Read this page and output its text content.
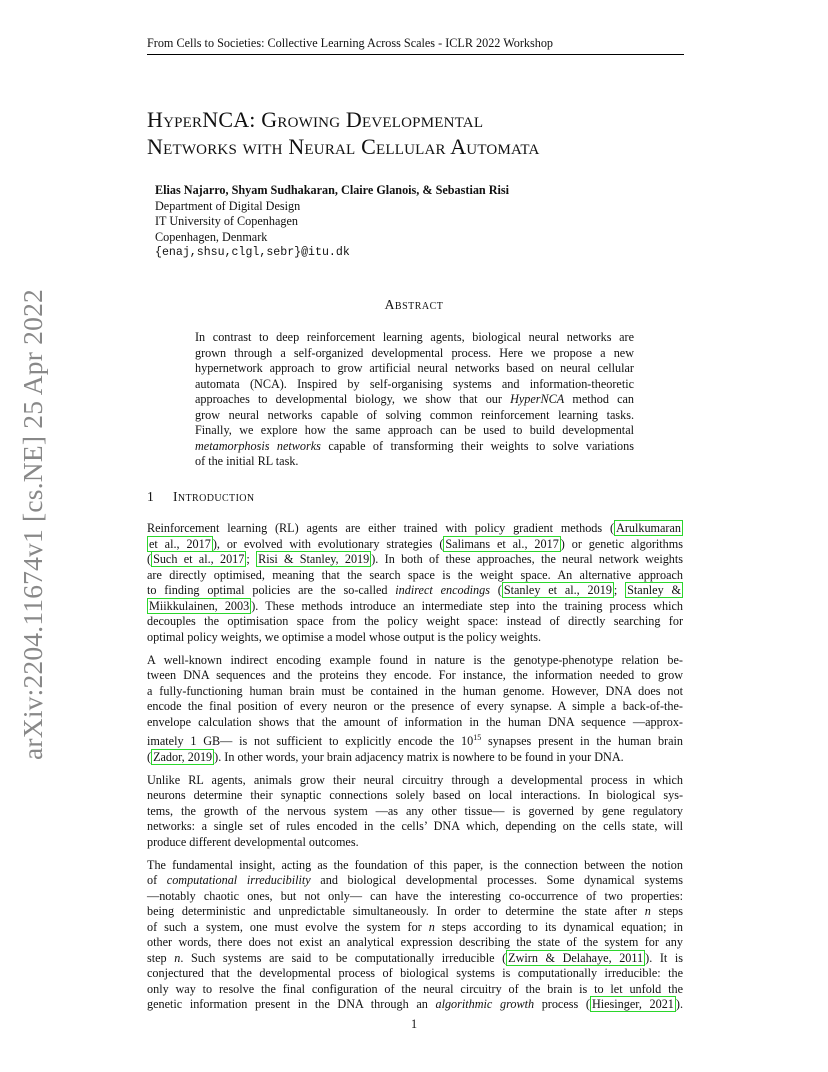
From Cells to Societies: Collective Learning Across Scales - ICLR 2022 Workshop
HyperNCA: Growing Developmental
Networks with Neural Cellular Automata
Elias Najarro, Shyam Sudhakaran, Claire Glanois, & Sebastian Risi
Department of Digital Design
IT University of Copenhagen
Copenhagen, Denmark
{enaj,shsu,clgl,sebr}@itu.dk
Abstract
In contrast to deep reinforcement learning agents, biological neural networks are
grown through a self-organized developmental process. Here we propose a new
hypernetwork approach to grow artificial neural networks based on neural cellular
automata (NCA). Inspired by self-organising systems and information-theoretic
approaches to developmental biology, we show that our HyperNCA method can
grow neural networks capable of solving common reinforcement learning tasks.
Finally, we explore how the same approach can be used to build developmental
metamorphosis networks capable of transforming their weights to solve variations
of the initial RL task.
1 Introduction
Reinforcement learning (RL) agents are either trained with policy gradient methods ( Arulkumaran
et al., 2017 ), or evolved with evolutionary strategies ( Salimans et al., 2017 ) or genetic algorithms
( Such et al., 2017 ; Risi & Stanley, 2019 ). In both of these approaches, the neural network weights
are directly optimised, meaning that the search space is the weight space. An alternative approach
to finding optimal policies are the so-called indirect encodings ( Stanley et al., 2019 ; Stanley &
Miikkulainen, 2003 ). These methods introduce an intermediate step into the training process which
decouples the optimisation space from the policy weight space: instead of directly searching for
optimal policy weights, we optimise a model whose output is the policy weights.
A well-known indirect encoding example found in nature is the genotype-phenotype relation be-
tween DNA sequences and the proteins they encode. For instance, the information needed to grow
a fully-functioning human brain must be contained in the human genome. However, DNA does not
encode the final position of every neuron or the presence of every synapse. A simple a back-of-the-
envelope calculation shows that the amount of information in the human DNA sequence —approx-
imately 1 GB— is not sufficient to explicitly encode the $10^{15}$ synapses present in the human brain
( Zador, 2019 ). In other words, your brain adjacency matrix is nowhere to be found in your DNA.
Unlike RL agents, animals grow their neural circuitry through a developmental process in which
neurons determine their synaptic connections solely based on local interactions. In biological sys-
tems, the growth of the nervous system —as any other tissue— is governed by gene regulatory
networks: a single set of rules encoded in the cells’ DNA which, depending on the cells state, will
produce different developmental outcomes.
The fundamental insight, acting as the foundation of this paper, is the connection between the notion
of computational irreducibility and biological developmental processes. Some dynamical systems
—notably chaotic ones, but not only— can have the interesting co-occurrence of two properties:
being deterministic and unpredictable simultaneously. In order to determine the state after n steps
of such a system, one must evolve the system for n steps according to its dynamical equation; in
other words, there does not exist an analytical expression describing the state of the system for any
step n. Such systems are said to be computationally irreducible ( Zwirn & Delahaye, 2011 ). It is
conjectured that the developmental process of biological systems is computationally irreducible: the
only way to resolve the final configuration of the neural circuitry of the brain is to let unfold the
genetic information present in the DNA through an algorithmic growth process ( Hiesinger, 2021 ).
arXiv:2204.11674v1 [cs.NE] 25 Apr 2022
1
